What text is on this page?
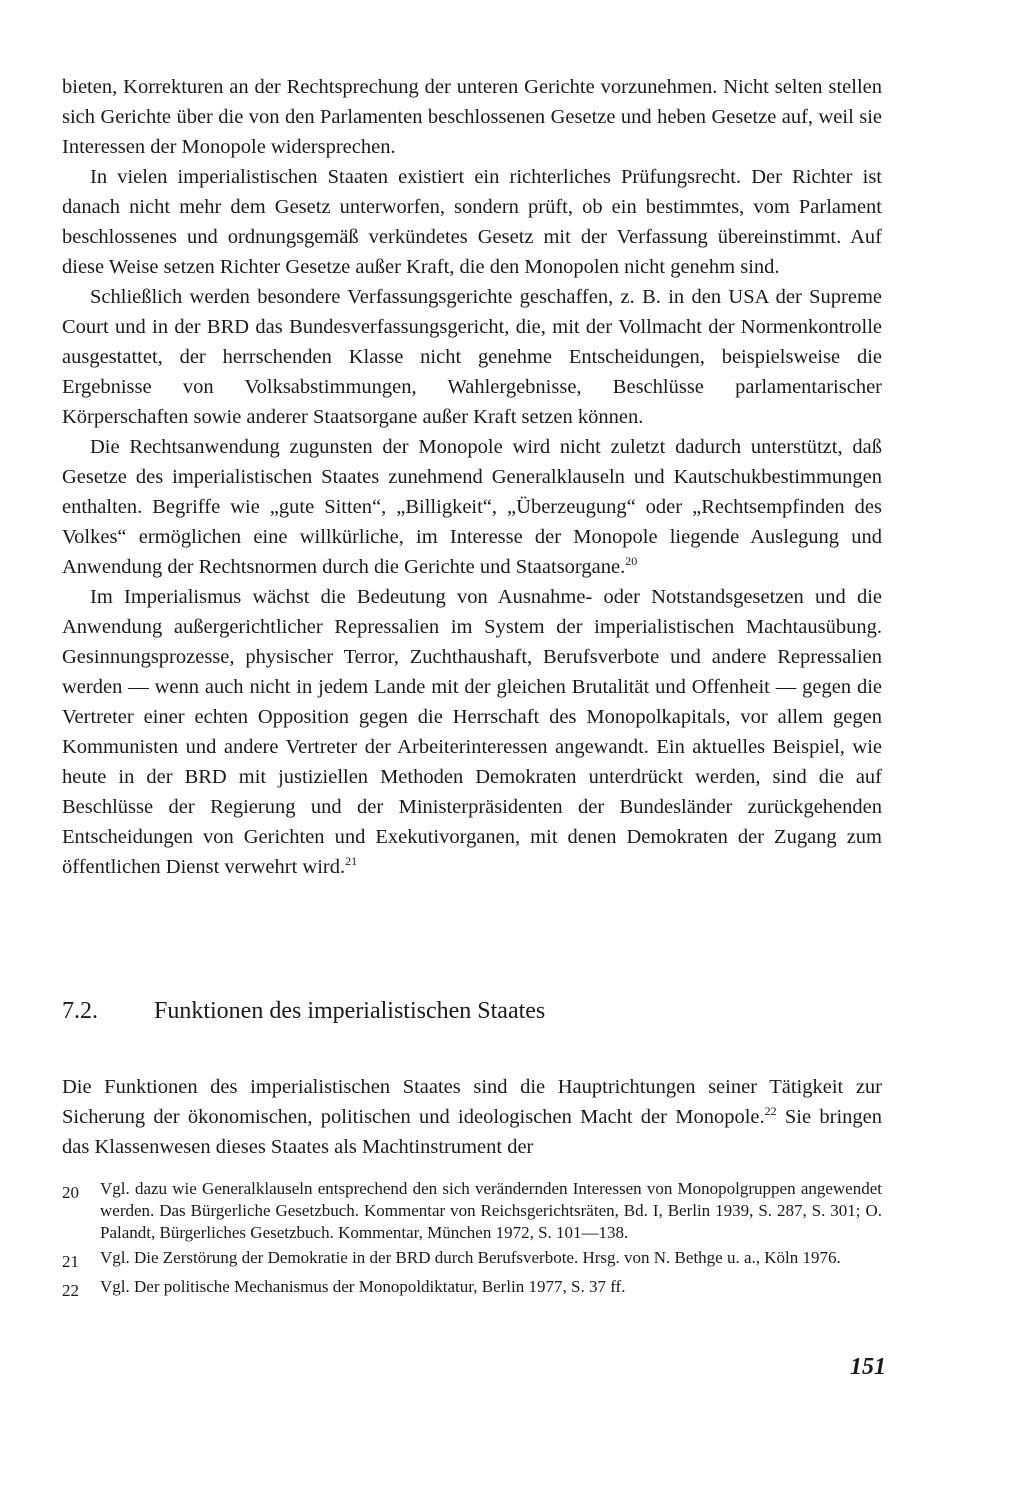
bieten, Korrekturen an der Rechtsprechung der unteren Gerichte vorzunehmen. Nicht selten stellen sich Gerichte über die von den Parlamenten beschlossenen Gesetze und heben Gesetze auf, weil sie Interessen der Monopole widersprechen.

In vielen imperialistischen Staaten existiert ein richterliches Prüfungsrecht. Der Richter ist danach nicht mehr dem Gesetz unterworfen, sondern prüft, ob ein bestimmtes, vom Parlament beschlossenes und ordnungsgemäß verkündetes Gesetz mit der Verfassung übereinstimmt. Auf diese Weise setzen Richter Gesetze außer Kraft, die den Monopolen nicht genehm sind.

Schließlich werden besondere Verfassungsgerichte geschaffen, z. B. in den USA der Supreme Court und in der BRD das Bundesverfassungsgericht, die, mit der Vollmacht der Normenkontrolle ausgestattet, der herrschenden Klasse nicht genehme Entscheidungen, beispielsweise die Ergebnisse von Volksabstimmungen, Wahlergebnisse, Beschlüsse parlamentarischer Körperschaften sowie anderer Staatsorgane außer Kraft setzen können.

Die Rechtsanwendung zugunsten der Monopole wird nicht zuletzt dadurch unterstützt, daß Gesetze des imperialistischen Staates zunehmend Generalklauseln und Kautschukbestimmungen enthalten. Begriffe wie „gute Sitten“, „Billigkeit“, „Überzeugung“ oder „Rechtsempfinden des Volkes“ ermöglichen eine willkürliche, im Interesse der Monopole liegende Auslegung und Anwendung der Rechtsnormen durch die Gerichte und Staatsorgane.$^{20}$

Im Imperialismus wächst die Bedeutung von Ausnahme- oder Notstandsgesetzen und die Anwendung außergerichtlicher Repressalien im System der imperialistischen Machtausübung. Gesinnungsprozesse, physischer Terror, Zuchthaushaft, Berufsverbote und andere Repressalien werden — wenn auch nicht in jedem Lande mit der gleichen Brutalität und Offenheit — gegen die Vertreter einer echten Opposition gegen die Herrschaft des Monopolkapitals, vor allem gegen Kommunisten und andere Vertreter der Arbeiterinteressen angewandt. Ein aktuelles Beispiel, wie heute in der BRD mit justiziellen Methoden Demokraten unterdrückt werden, sind die auf Beschlüsse der Regierung und der Ministerpräsidenten der Bundesländer zurückgehenden Entscheidungen von Gerichten und Exekutivorganen, mit denen Demokraten der Zugang zum öffentlichen Dienst verwehrt wird.$^{21}$

7.2. Funktionen des imperialistischen Staates

Die Funktionen des imperialistischen Staates sind die Hauptrichtungen seiner Tätigkeit zur Sicherung der ökonomischen, politischen und ideologischen Macht der Monopole.$^{22}$ Sie bringen das Klassenwesen dieses Staates als Machtinstrument der

20	Vgl. dazu wie Generalklauseln entsprechend den sich verändernden Interessen von Monopolgruppen angewendet werden. Das Bürgerliche Gesetzbuch. Kommentar von Reichsgerichtsräten, Bd. I, Berlin 1939, S. 287, S. 301; O. Palandt, Bürgerliches Gesetzbuch. Kommentar, München 1972, S. 101—138.
21	Vgl. Die Zerstörung der Demokratie in der BRD durch Berufsverbote. Hrsg. von N. Bethge u. a., Köln 1976.
22	Vgl. Der politische Mechanismus der Monopoldiktatur, Berlin 1977, S. 37 ff.
151
